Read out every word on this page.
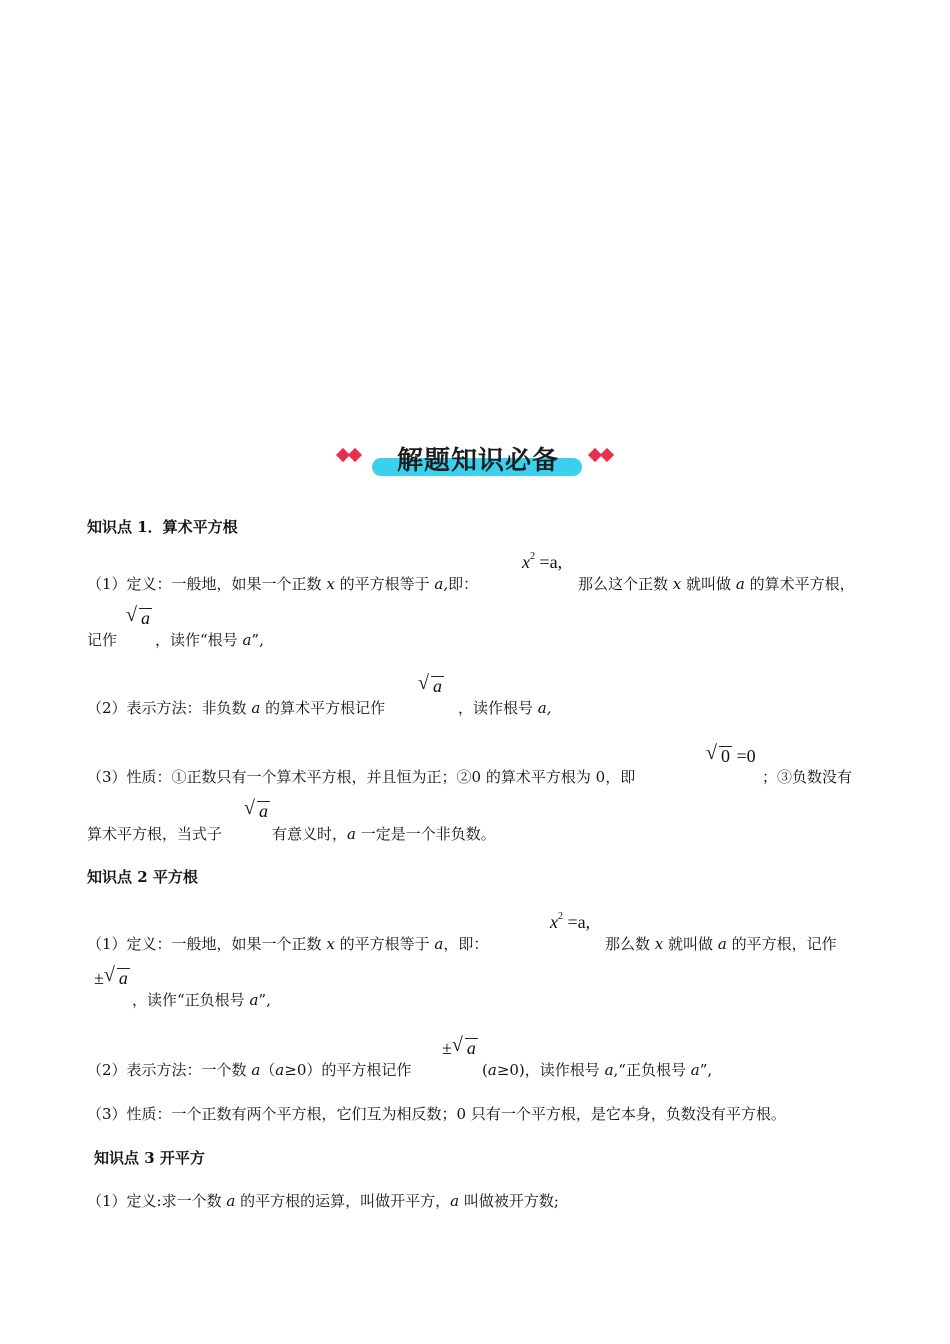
解题知识必备
知识点 1．算术平方根
$x^2 =a$,
（1）定义：一般地，如果一个正数 x 的平方根等于 a,即：	那么这个正数 x 就叫做 a 的算术平方根，
√ a
记作	，读作“根号 a”,
√ a
（2）表示方法：非负数 a 的算术平方根记作	，读作根号 a,
√ 0 =0
（3）性质：①正数只有一个算术平方根，并且恒为正；②0 的算术平方根为 0，即	；③负数没有
√ a
算术平方根，当式子	有意义时，a 一定是一个非负数。
知识点 2 平方根
$x^2 =a$,
（1）定义：一般地，如果一个正数 x 的平方根等于 a，即：	那么数 x 就叫做 a 的平方根，记作
± √ a
，读作“正负根号 a”,
± √ a
（2）表示方法：一个数 a（a≥0）的平方根记作	(a≥0)，读作根号 a,“正负根号 a”,
（3）性质：一个正数有两个平方根，它们互为相反数；0 只有一个平方根，是它本身，负数没有平方根。
知识点 3 开平方
（1）定义:求一个数 a 的平方根的运算，叫做开平方，a 叫做被开方数;
